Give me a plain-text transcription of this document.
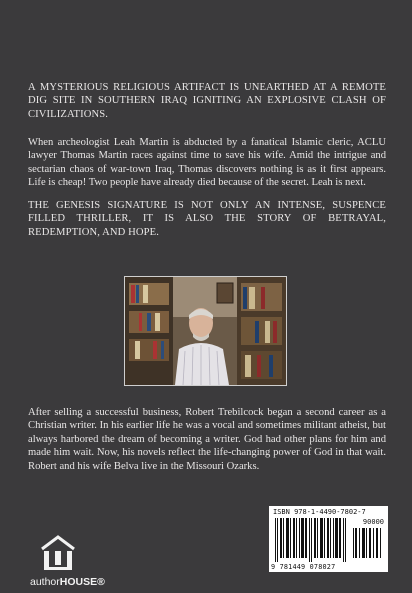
A MYSTERIOUS RELIGIOUS ARTIFACT IS UNEARTHED AT A REMOTE DIG SITE IN SOUTHERN IRAQ IGNITING AN EXPLOSIVE CLASH OF CIVILIZATIONS.

When archeologist Leah Martin is abducted by a fanatical Islamic cleric, ACLU lawyer Thomas Martin races against time to save his wife. Amid the intrigue and sectarian chaos of war-town Iraq, Thomas discovers nothing is as it first appears. Life is cheap! Two people have already died because of the secret. Leah is next.

THE GENESIS SIGNATURE IS NOT ONLY AN INTENSE, SUSPENCE FILLED THRILLER, IT IS ALSO THE STORY OF BETRAYAL, REDEMPTION, AND HOPE.

After selling a successful business, Robert Trebilcock began a second career as a Christian writer. In his earlier life he was a vocal and sometimes militant atheist, but always harbored the dream of becoming a writer. God had other plans for him and made him wait. Now, his novels reflect the life-changing power of God in that wait. Robert and his wife Belva live in the Missouri Ozarks.

ISBN 978-1-4490-7802-7
90000
9 781449 078027
authorHOUSE®
